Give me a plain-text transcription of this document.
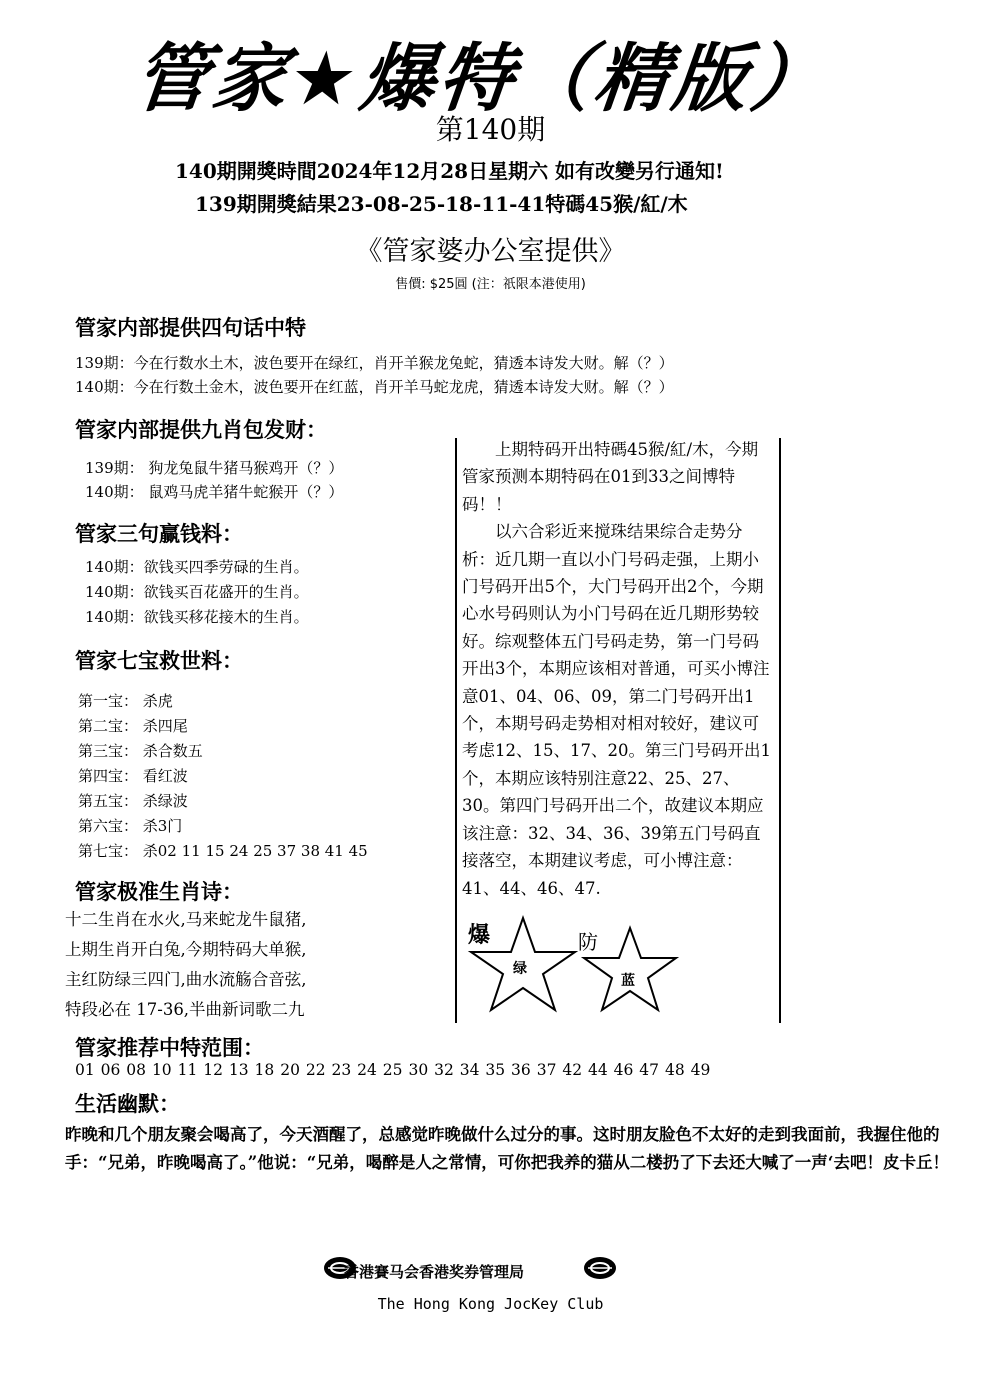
管家★爆特（精版）
第140期
140期開獎時間2024年12月28日星期六 如有改變另行通知!
139期開獎結果23-08-25-18-11-41特碼45猴/紅/木
《管家婆办公室提供》
售價: $25圓 (注：祇限本港使用)
管家内部提供四句话中特
139期：今在行数水土木，波色要开在绿红，肖开羊猴龙兔蛇，猜透本诗发大财。解（？）
140期：今在行数土金木，波色要开在红蓝，肖开羊马蛇龙虎，猜透本诗发大财。解（？）
管家内部提供九肖包发财：
139期： 狗龙兔鼠牛猪马猴鸡开（？）
140期： 鼠鸡马虎羊猪牛蛇猴开（？）
管家三句赢钱料：
140期：欲钱买四季劳碌的生肖。
140期：欲钱买百花盛开的生肖。
140期：欲钱买移花接木的生肖。
管家七宝救世料：
第一宝： 杀虎
第二宝： 杀四尾
第三宝： 杀合数五
第四宝： 看红波
第五宝： 杀绿波
第六宝： 杀3门
第七宝： 杀02 11 15 24 25 37 38 41 45
管家极准生肖诗：
十二生肖在水火,马来蛇龙牛鼠猪,
上期生肖开白兔,今期特码大单猴,
主红防绿三四门,曲水流觞合音弦,
特段必在 17-36,半曲新词歌二九

上期特码开出特碼45猴/紅/木，今期管家预测本期特码在01到33之间博特码！！

以六合彩近来搅珠结果综合走势分析：近几期一直以小门号码走强，上期小门号码开出5个，大门号码开出2个，今期心水号码则认为小门号码在近几期形势较好。综观整体五门号码走势，第一门号码开出3个，本期应该相对普通，可买小博注意01、04、06、09，第二门号码开出1个，本期号码走势相对相对较好，建议可考虑12、15、17、20。第三门号码开出1个，本期应该特别注意22、25、27、30。第四门号码开出二个，故建议本期应该注意：32、34、36、39第五门号码直接落空，本期建议考虑，可小博注意：41、44、46、47.

爆	防
绿
蓝
管家推荐中特范围：
01 06 08 10 11 12 13 18 20 22 23 24 25 30 32 34 35 36 37 42 44 46 47 48 49
生活幽默：
昨晚和几个朋友聚会喝高了，今天酒醒了，总感觉昨晚做什么过分的事。这时朋友脸色不太好的走到我面前，我握住他的手：“兄弟，昨晚喝高了。”他说：“兄弟，喝醉是人之常情，可你把我养的猫从二楼扔了下去还大喊了一声‘去吧！皮卡丘！
香港賽马会香港奖券管理局
The Hong Kong JocKey Club
